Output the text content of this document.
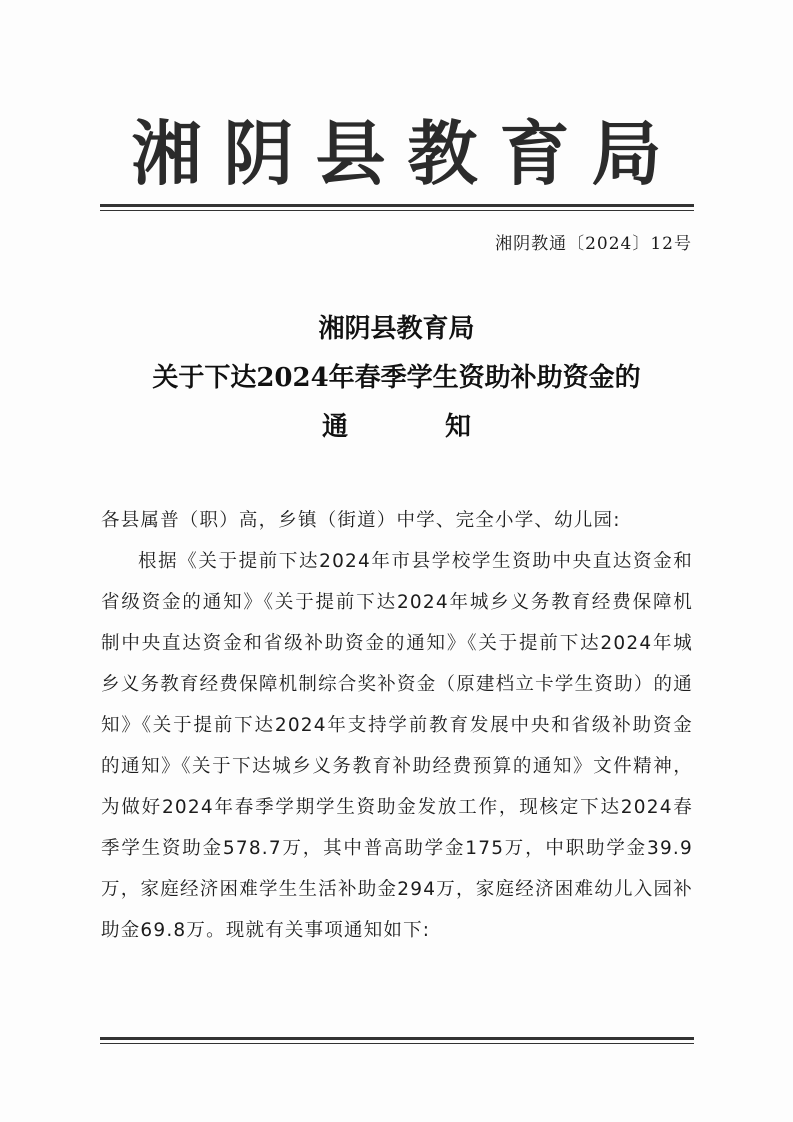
湘阴县教育局
湘阴教通〔2024〕12号
湘阴县教育局
关于下达2024年春季学生资助补助资金的
通 知

各县属普（职）高，乡镇（街道）中学、完全小学、幼儿园:

根据《关于提前下达2024年市县学校学生资助中央直达资金和省级资金的通知》《关于提前下达2024年城乡义务教育经费保障机制中央直达资金和省级补助资金的通知》《关于提前下达2024年城乡义务教育经费保障机制综合奖补资金（原建档立卡学生资助）的通知》《关于提前下达2024年支持学前教育发展中央和省级补助资金的通知》《关于下达城乡义务教育补助经费预算的通知》文件精神，为做好2024年春季学期学生资助金发放工作，现核定下达2024春季学生资助金578.7万，其中普高助学金175万，中职助学金39.9万，家庭经济困难学生生活补助金294万，家庭经济困难幼儿入园补助金69.8万。现就有关事项通知如下:
